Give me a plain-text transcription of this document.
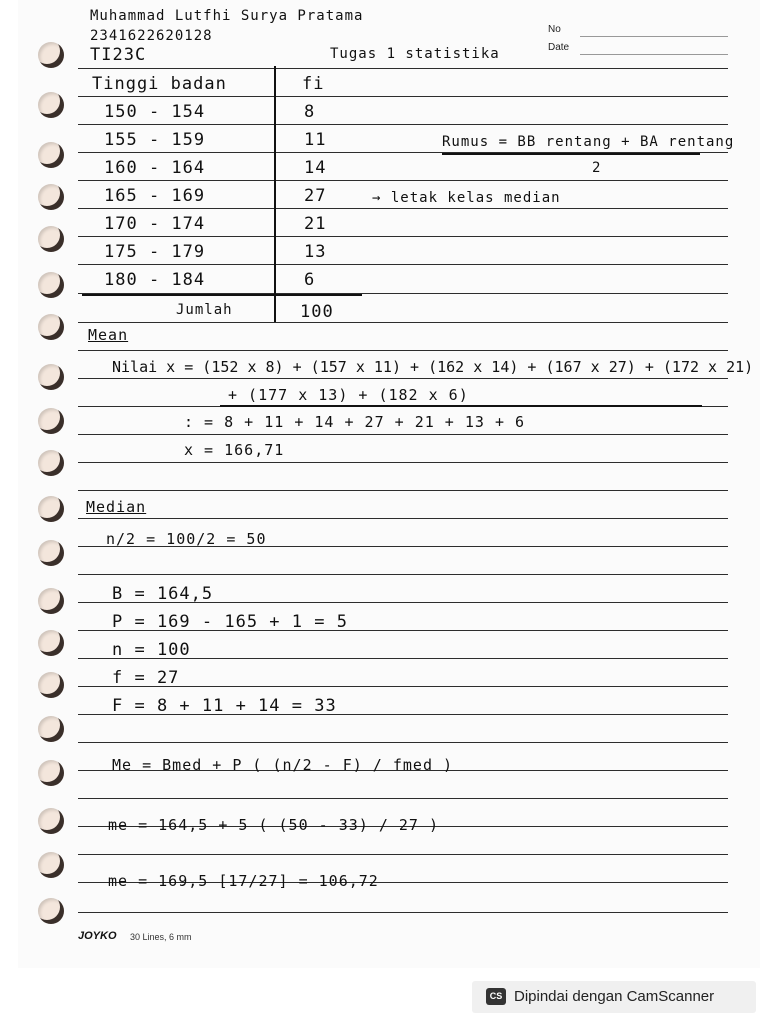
No
Date
Muhammad Lutfhi Surya Pratama
2341622620128
TI23C	Tugas 1 statistika
Tinggi badan	fi
150 - 154	8
155 - 159	11
160 - 164	14
165 - 169	27
170 - 174	21
175 - 179	13
180 - 184	6
Jumlah	100
Rumus = BB rentang + BA rentang
2
→ letak kelas median
Mean
Nilai x = (152 x 8) + (157 x 11) + (162 x 14) + (167 x 27) + (172 x 21)
+ (177 x 13) + (182 x 6)
: = 8 + 11 + 14 + 27 + 21 + 13 + 6
x = 166,71
Median
n/2 = 100/2 = 50
B = 164,5
P = 169 - 165 + 1 = 5
n = 100
f = 27
F = 8 + 11 + 14 = 33
Me = Bmed + P ( (n/2 - F) / fmed )
me = 164,5 + 5 ( (50 - 33) / 27 )
me = 169,5 [17/27] = 106,72
JOYKO 30 Lines, 6 mm
CS Dipindai dengan CamScanner
